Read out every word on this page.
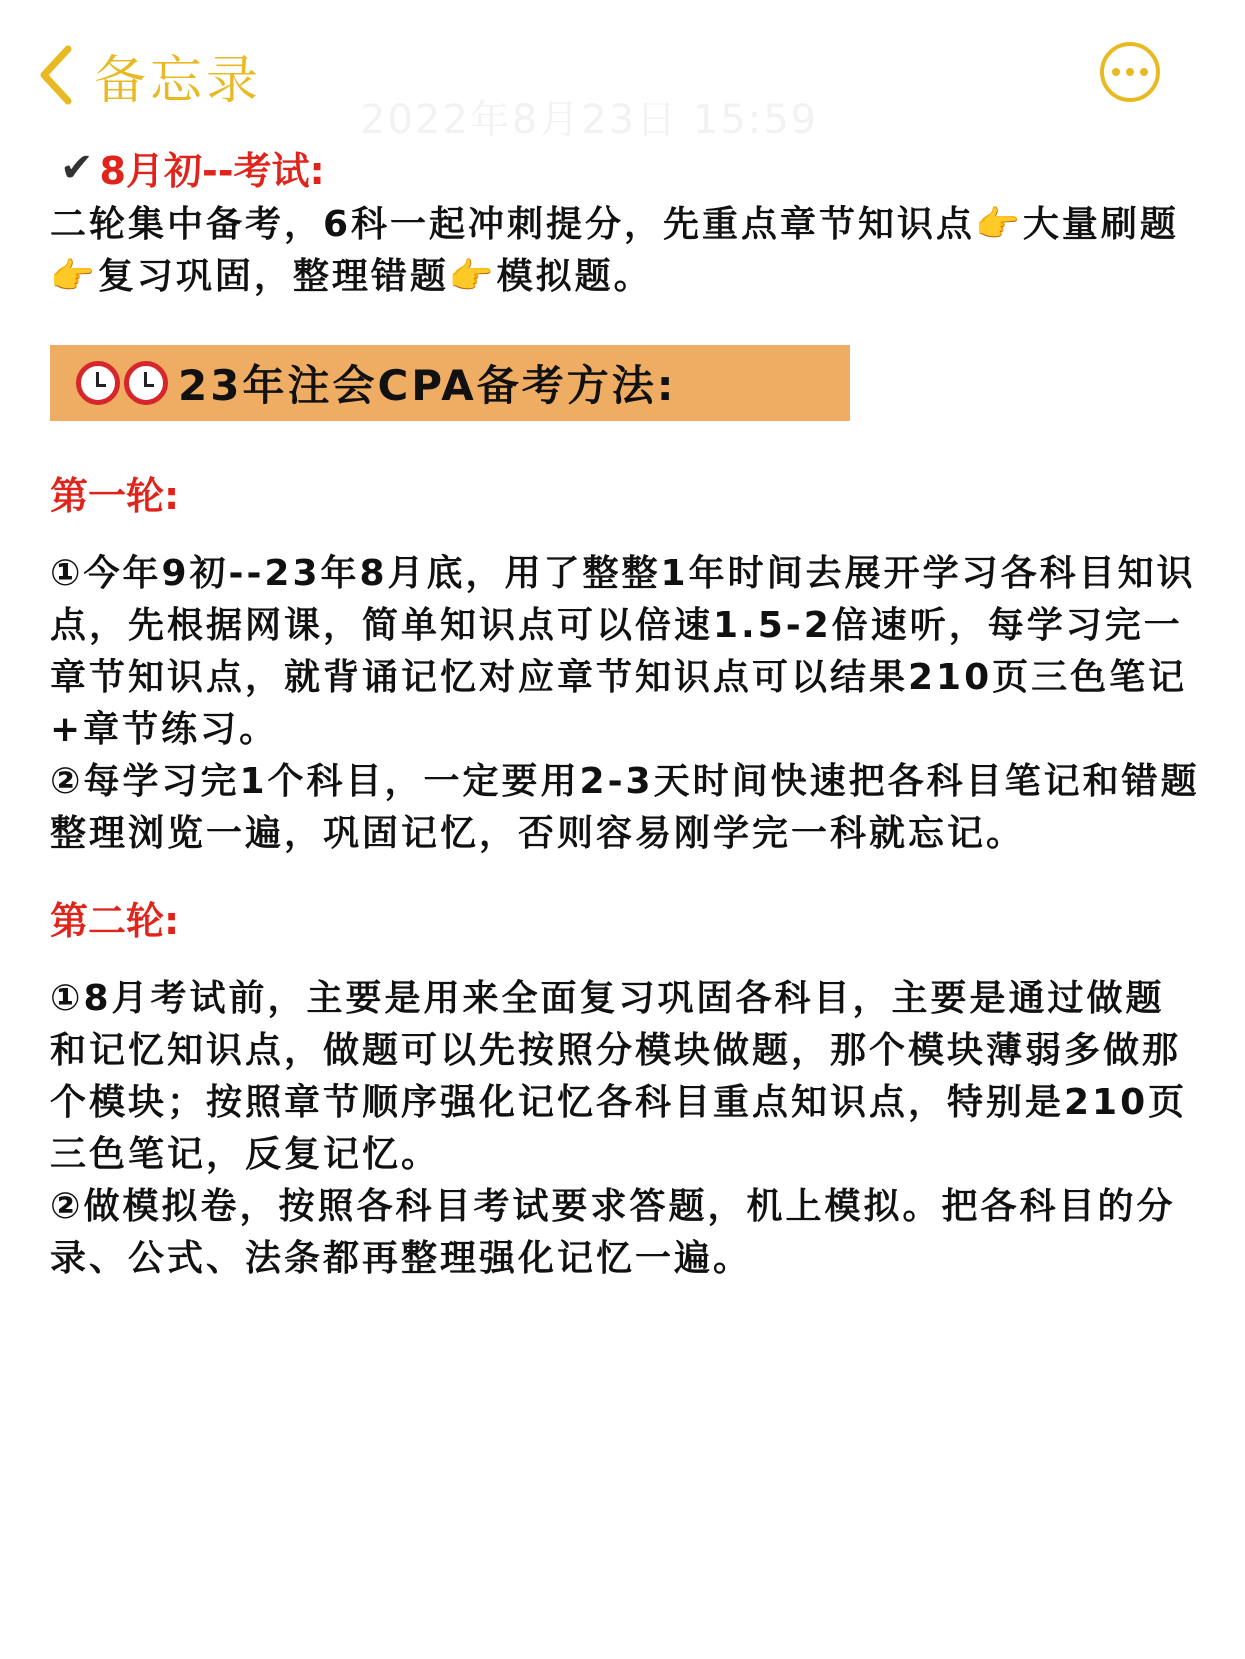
备忘录
2022年8月23日 15:59
✔ 8月初--考试:

二轮集中备考，6科一起冲刺提分，先重点章节知识点👉大量刷题👉复习巩固，整理错题👉模拟题。

23年注会CPA备考方法:
第一轮:

①今年9初--23年8月底，用了整整1年时间去展开学习各科目知识点，先根据网课，简单知识点可以倍速1.5-2倍速听，每学习完一章节知识点，就背诵记忆对应章节知识点可以结果210页三色笔记+章节练习。

②每学习完1个科目，一定要用2-3天时间快速把各科目笔记和错题整理浏览一遍，巩固记忆，否则容易刚学完一科就忘记。

第二轮:

①8月考试前，主要是用来全面复习巩固各科目，主要是通过做题和记忆知识点，做题可以先按照分模块做题，那个模块薄弱多做那个模块；按照章节顺序强化记忆各科目重点知识点，特别是210页三色笔记，反复记忆。

②做模拟卷，按照各科目考试要求答题，机上模拟。把各科目的分录、公式、法条都再整理强化记忆一遍。
